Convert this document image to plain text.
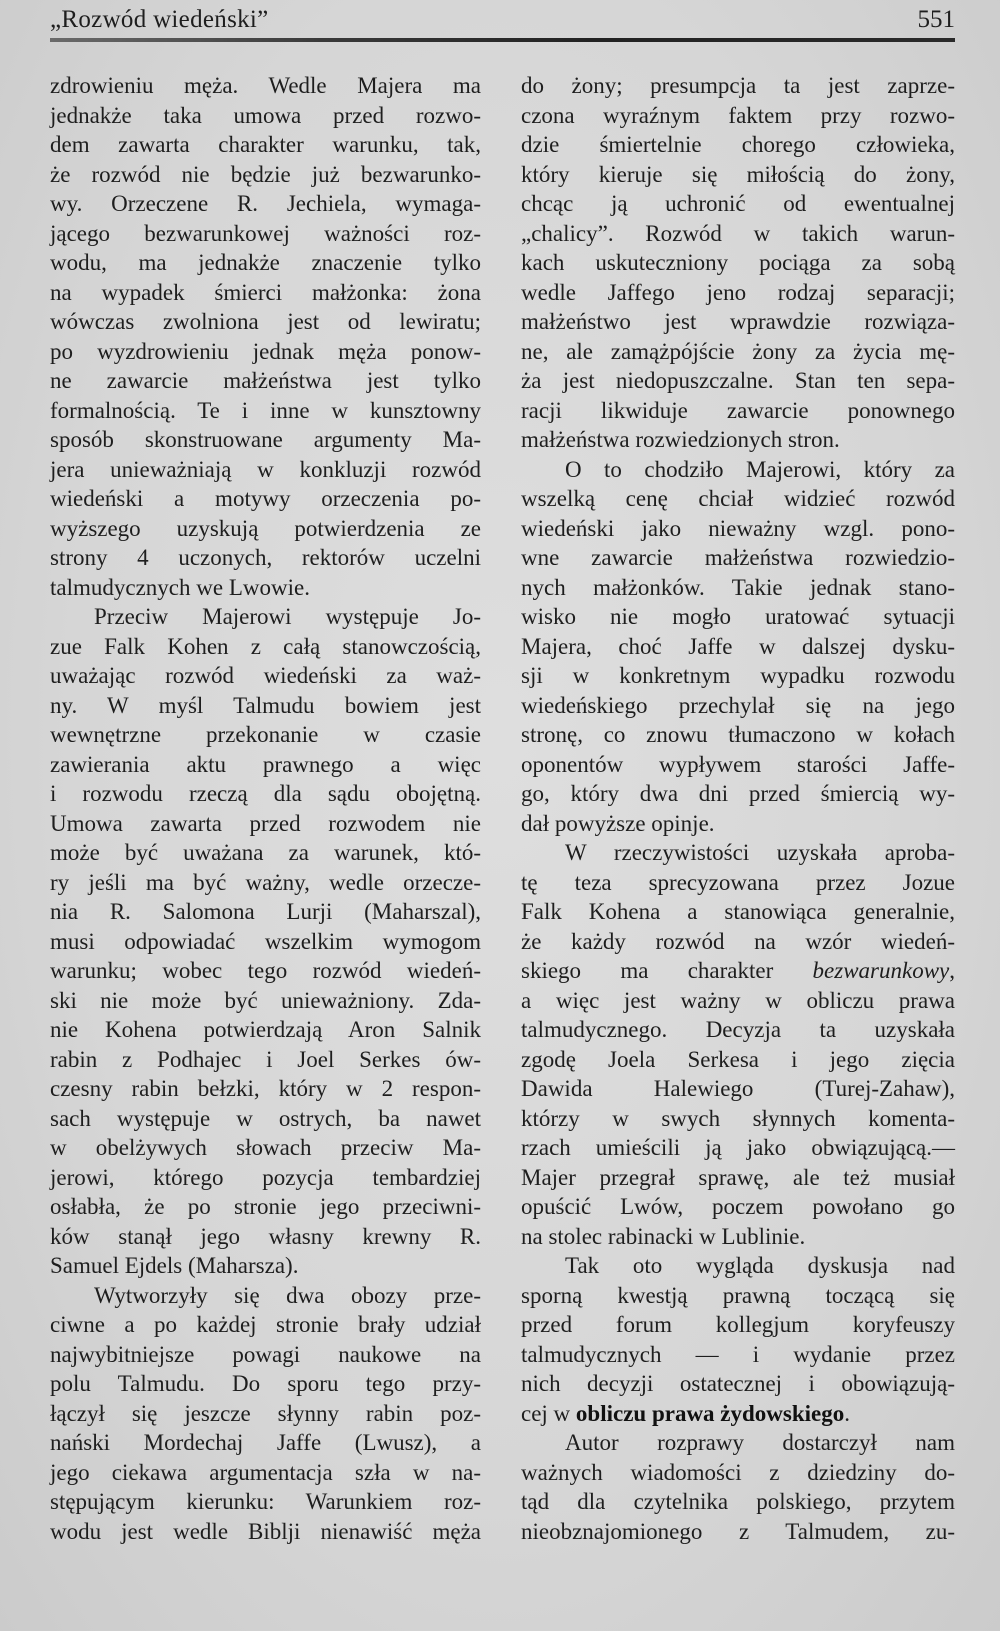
„Rozwód wiedeński”	551
zdrowieniu męża. Wedle Majera ma
jednakże taka umowa przed rozwo-
dem zawarta charakter warunku, tak,
że rozwód nie będzie już bezwarunko-
wy. Orzeczene R. Jechiela, wymaga-
jącego bezwarunkowej ważności roz-
wodu, ma jednakże znaczenie tylko
na wypadek śmierci małżonka: żona
wówczas zwolniona jest od lewiratu;
po wyzdrowieniu jednak męża ponow-
ne zawarcie małżeństwa jest tylko
formalnością. Te i inne w kunsztowny
sposób skonstruowane argumenty Ma-
jera unieważniają w konkluzji rozwód
wiedeński a motywy orzeczenia po-
wyższego uzyskują potwierdzenia ze
strony 4 uczonych, rektorów uczelni
talmudycznych we Lwowie.
Przeciw Majerowi występuje Jo-
zue Falk Kohen z całą stanowczością,
uważając rozwód wiedeński za waż-
ny. W myśl Talmudu bowiem jest
wewnętrzne przekonanie w czasie
zawierania aktu prawnego a więc
i rozwodu rzeczą dla sądu obojętną.
Umowa zawarta przed rozwodem nie
może być uważana za warunek, któ-
ry jeśli ma być ważny, wedle orzecze-
nia R. Salomona Lurji (Maharszal),
musi odpowiadać wszelkim wymogom
warunku; wobec tego rozwód wiedeń-
ski nie może być unieważniony. Zda-
nie Kohena potwierdzają Aron Salnik
rabin z Podhajec i Joel Serkes ów-
czesny rabin bełzki, który w 2 respon-
sach występuje w ostrych, ba nawet
w obelżywych słowach przeciw Ma-
jerowi, którego pozycja tembardziej
osłabła, że po stronie jego przeciwni-
ków stanął jego własny krewny R.
Samuel Ejdels (Maharsza).
Wytworzyły się dwa obozy prze-
ciwne a po każdej stronie brały udział
najwybitniejsze powagi naukowe na
polu Talmudu. Do sporu tego przy-
łączył się jeszcze słynny rabin poz-
nański Mordechaj Jaffe (Lwusz), a
jego ciekawa argumentacja szła w na-
stępującym kierunku: Warunkiem roz-
wodu jest wedle Biblji nienawiść męża
do żony; presumpcja ta jest zaprze-
czona wyraźnym faktem przy rozwo-
dzie śmiertelnie chorego człowieka,
który kieruje się miłością do żony,
chcąc ją uchronić od ewentualnej
„chalicy”. Rozwód w takich warun-
kach uskuteczniony pociąga za sobą
wedle Jaffego jeno rodzaj separacji;
małżeństwo jest wprawdzie rozwiąza-
ne, ale zamążpójście żony za życia mę-
ża jest niedopuszczalne. Stan ten sepa-
racji likwiduje zawarcie ponownego
małżeństwa rozwiedzionych stron.
O to chodziło Majerowi, który za
wszelką cenę chciał widzieć rozwód
wiedeński jako nieważny wzgl. pono-
wne zawarcie małżeństwa rozwiedzio-
nych małżonków. Takie jednak stano-
wisko nie mogło uratować sytuacji
Majera, choć Jaffe w dalszej dysku-
sji w konkretnym wypadku rozwodu
wiedeńskiego przechylał się na jego
stronę, co znowu tłumaczono w kołach
oponentów wypływem starości Jaffe-
go, który dwa dni przed śmiercią wy-
dał powyższe opinje.
W rzeczywistości uzyskała aproba-
tę teza sprecyzowana przez Jozue
Falk Kohena a stanowiąca generalnie,
że każdy rozwód na wzór wiedeń-
skiego ma charakter bezwarunkowy,
a więc jest ważny w obliczu prawa
talmudycznego. Decyzja ta uzyskała
zgodę Joela Serkesa i jego zięcia
Dawida Halewiego (Turej-Zahaw),
którzy w swych słynnych komenta-
rzach umieścili ją jako obwiązującą.—
Majer przegrał sprawę, ale też musiał
opuścić Lwów, poczem powołano go
na stolec rabinacki w Lublinie.
Tak oto wygląda dyskusja nad
sporną kwestją prawną toczącą się
przed forum kollegjum koryfeuszy
talmudycznych — i wydanie przez
nich decyzji ostatecznej i obowiązują-
cej w obliczu prawa żydowskiego.
Autor rozprawy dostarczył nam
ważnych wiadomości z dziedziny do-
tąd dla czytelnika polskiego, przytem
nieobznajomionego z Talmudem, zu-
